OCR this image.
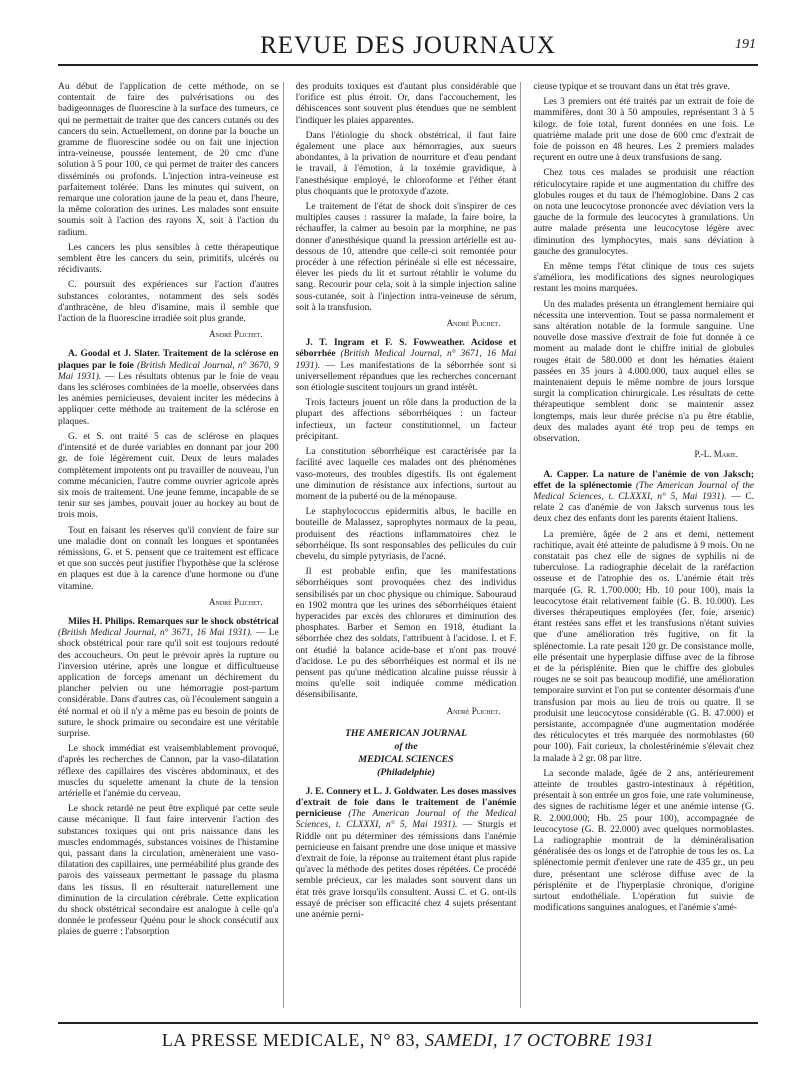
REVUE DES JOURNAUX	191

Au début de l'application de cette méthode, on se contentait de faire des pulvérisations ou des badigeonnages de fluorescine à la surface des tumeurs, ce qui ne permettait de traiter que des cancers cutanés ou des cancers du sein. Actuellement, on donne par la bouche un gramme de fluorescine sodée ou on fait une injection intra-veineuse, poussée lentement, de 20 cmc d'une solution à 5 pour 100, ce qui permet de traiter des cancers disséminés ou profonds. L'injection intra-veineuse est parfaitement tolérée. Dans les minutes qui suivent, on remarque une coloration jaune de la peau et, dans l'heure, la même coloration des urines. Les malades sont ensuite soumis soit à l'action des rayons X, soit à l'action du radium.

Les cancers les plus sensibles à cette thérapeutique semblent être les cancers du sein, primitifs, ulcérés ou récidivants.

C. poursuit des expériences sur l'action d'autres substances colorantes, notamment des sels sodés d'anthracène, de bleu d'isamine, mais il semble que l'action de la fluorescine irradiée soit plus grande.

André Plichet.

A. Goodal et J. Slater. Traitement de la sclérose en plaques par le foie (British Medical Journal, n° 3670, 9 Mai 1931). — Les résultats obtenus par le foie de veau dans les scléroses combinées de la moelle, observées dans les anémies pernicieuses, devaient inciter les médecins à appliquer cette méthode au traitement de la sclérose en plaques.

G. et S. ont traité 5 cas de sclérose en plaques d'intensité et de durée variables en donnant par jour 200 gr. de foie légèrement cuit. Deux de leurs malades complètement impotents ont pu travailler de nouveau, l'un comme mécanicien, l'autre comme ouvrier agricole après six mois de traitement. Une jeune femme, incapable de se tenir sur ses jambes, pouvait jouer au hockey au bout de trois mois.

Tout en faisant les réserves qu'il convient de faire sur une maladie dont on connaît les longues et spontanées rémissions, G. et S. pensent que ce traitement est efficace et que son succès peut justifier l'hypothèse que la sclérose en plaques est due à la carence d'une hormone ou d'une vitamine.

André Plichet.

Miles H. Philips. Remarques sur le shock obstétrical (British Medical Journal, n° 3671, 16 Mai 1931). — Le shock obstétrical pour rare qu'il soit est toujours redouté des accoucheurs. On peut le prévoir après la rupture ou l'inversion utérine, après une longue et difficultueuse application de forceps amenant un déchirement du plancher pelvien ou une hémorragie post-partum considérable. Dans d'autres cas, où l'écoulement sanguin a été normal et où il n'y a même pas eu besoin de points de suture, le shock primaire ou secondaire est une véritable surprise.

Le shock immédiat est vraisemblablement provoqué, d'après les recherches de Cannon, par la vaso-dilatation réflexe des capillaires des viscères abdominaux, et des muscles du squelette amenant la chute de la tension artérielle et l'anémie du cerveau.

Le shock retardé ne peut être expliqué par cette seule cause mécanique. Il faut faire intervenir l'action des substances toxiques qui ont pris naissance dans les muscles endommagés, substances voisines de l'histamine qui, passant dans la circulation, amèneraient une vaso-dilatation des capillaires, une perméabilité plus grande des parois des vaisseaux permettant le passage du plasma dans les tissus. Il en résulterait naturellement une diminution de la circulation cérébrale. Cette explication du shock obstétrical secondaire est analogue à celle qu'a donnée le professeur Quénu pour le shock consécutif aux plaies de guerre : l'absorption

des produits toxiques est d'autant plus considérable que l'orifice est plus étroit. Or, dans l'accouchement, les déhiscences sont souvent plus étendues que ne semblent l'indiquer les plaies apparentes.

Dans l'étiologie du shock obstétrical, il faut faire également une place aux hémorragies, aux sueurs abondantes, à la privation de nourriture et d'eau pendant le travail, à l'émotion, à la toxémie gravidique, à l'anesthésique employé, le chloroforme et l'éther étant plus choquants que le protoxyde d'azote.

Le traitement de l'état de shock doit s'inspirer de ces multiples causes : rassurer la malade, la faire boire, la réchauffer, la calmer au besoin par la morphine, ne pas donner d'anesthésique quand la pression artérielle est au-dessous de 10, attendre que celle-ci soit remontée pour procéder à une réfection périnéale si elle est nécessaire, élever les pieds du lit et surtout rétablir le volume du sang. Recourir pour cela, soit à la simple injection saline sous-cutanée, soit à l'injection intra-veineuse de sérum, soit à la transfusion.

André Plichet.

J. T. Ingram et F. S. Fowweather. Acidose et séborrhée (British Medical Journal, n° 3671, 16 Mai 1931). — Les manifestations de la séborrhée sont si universellement répandues que les recherches concernant son étiologie suscitent toujours un grand intérêt.

Trois facteurs jouent un rôle dans la production de la plupart des affections séborrhéiques : un facteur infectieux, un facteur constitutionnel, un facteur précipitant.

La constitution séborrhéique est caractérisée par la facilité avec laquelle ces malades ont des phénomènes vaso-moteurs, des troubles digestifs. Ils ont également une diminution de résistance aux infections, surtout au moment de la puberté ou de la ménopause.

Le staphylococcus epidermitis albus, le bacille en bouteille de Malassez, saprophytes normaux de la peau, produisent des réactions inflammatoires chez le séborrhéique. Ils sont responsables des pellicules du cuir chevelu, du simple pytyriasis, de l'acné.

Il est probable enfin, que les manifestations séborrhéiques sont provoquées chez des individus sensibilisés par un choc physique ou chimique. Sabouraud en 1902 montra que les urines des séborrhéiques étaient hyperacides par excès des chlorures et diminution des phosphates. Barber et Semon en 1918, étudiant la séborrhée chez des soldats, l'attribuent à l'acidose. I. et F. ont étudié la balance acide-base et n'ont pas trouvé d'acidose. Le pu des séborrhéiques est normal et ils ne pensent pas qu'une médication alcaline puisse réussir à moins qu'elle soit indiquée comme médication désensibilisante.

André Plichet.
THE AMERICAN JOURNAL
of the
MEDICAL SCIENCES
(Philadelphie)

J. E. Connery et L. J. Goldwater. Les doses massives d'extrait de foie dans le traitement de l'anémie pernicieuse (The American Journal of the Medical Sciences, t. CLXXXI, n° 5, Mai 1931). — Sturgis et Riddle ont pu déterminer des rémissions dans l'anémie pernicieuse en faisant prendre une dose unique et massive d'extrait de foie, la réponse au traitement étant plus rapide qu'avec la méthode des petites doses répétées. Ce procédé semble précieux, car les malades sont souvent dans un état très grave lorsqu'ils consultent. Aussi C. et G. ont-ils essayé de préciser son efficacité chez 4 sujets présentant une anémie perni-

cieuse typique et se trouvant dans un état très grave.

Les 3 premiers ont été traités par un extrait de foie de mammifères, dont 30 à 50 ampoules, représentant 3 à 5 kilogr. de foie total, furent données en une fois. Le quatrième malade prit une dose de 600 cmc d'extrait de foie de poisson en 48 heures. Les 2 premiers malades reçurent en outre une à deux transfusions de sang.

Chez tous ces malades se produisit une réaction réticulocytaire rapide et une augmentation du chiffre des globules rouges et du taux de l'hémoglobine. Dans 2 cas on nota une leucocytose prononcée avec déviation vers la gauche de la formule des leucocytes à granulations. Un autre malade présenta une leucocytose légère avec diminution des lymphocytes, mais sans déviation à gauche des granulocytes.

En même temps l'état clinique de tous ces sujets s'améliora, les modifications des signes neurologiques restant les moins marquées.

Un des malades présenta un étranglement herniaire qui nécessita une intervention. Tout se passa normalement et sans altération notable de la formule sanguine. Une nouvelle dose massive d'extrait de foie fut donnée à ce moment au malade dont le chiffre initial de globules rouges était de 580.000 et dont les hématies étaient passées en 35 jours à 4.000.000, taux auquel elles se maintenaient depuis le même nombre de jours lorsque surgit la complication chirurgicale. Les résultats de cette thérapeutique semblent donc se maintenir assez longtemps, mais leur durée précise n'a pu être établie, deux des malades ayant été trop peu de temps en observation.

P.-L. Marie.

A. Capper. La nature de l'anémie de von Jaksch; effet de la splénectomie (The American Journal of the Medical Sciences, t. CLXXXI, n° 5, Mai 1931). — C. relate 2 cas d'anémie de von Jaksch survenus tous les deux chez des enfants dont les parents étaient Italiens.

La première, âgée de 2 ans et demi, nettement rachitique, avait été atteinte de paludisme à 9 mois. On ne constatait pas chez elle de signes de syphilis ni de tuberculose. La radiographie décelait de la raréfaction osseuse et de l'atrophie des os. L'anémie était très marquée (G. R. 1.700.000; Hb. 10 pour 100), mais la leucocytose était relativement faible (G. B. 10.000). Les diverses thérapeutiques employées (fer, foie, arsenic) étant restées sans effet et les transfusions n'étant suivies que d'une amélioration très fugitive, on fit la splénectomie. La rate pesait 120 gr. De consistance molle, elle présentait une hyperplasie diffuse avec de la fibrose et de la périsplénite. Bien que le chiffre des globules rouges ne se soit pas beaucoup modifié, une amélioration temporaire survint et l'on put se contenter désormais d'une transfusion par mois au lieu de trois ou quatre. Il se produisit une leucocytose considérable (G. B. 47.000) et persistante, accompagnée d'une augmentation modérée des réticulocytes et très marquée des normoblastes (60 pour 100). Fait curieux, la cholestérinémie s'élevait chez la malade à 2 gr. 08 par litre.

La seconde malade, âgée de 2 ans, antérieurement atteinte de troubles gastro-intestinaux à répétition, présentait à son entrée un gros foie, une rate volumineuse, des signes de rachitisme léger et une anémie intense (G. R. 2.000.000; Hb. 25 pour 100), accompagnée de leucocytose (G. B. 22.000) avec quelques normoblastes. La radiographie montrait de la déminéralisation généralisée des os longs et de l'atrophie de tous les os. La splénectomie permit d'enlever une rate de 435 gr., un peu dure, présentant une sclérose diffuse avec de la périsplénite et de l'hyperplasie chronique, d'origine surtout endothéliale. L'opération fut suivie de modifications sanguines analogues, et l'anémie s'amé-

LA PRESSE MEDICALE, N° 83, SAMEDI, 17 OCTOBRE 1931
